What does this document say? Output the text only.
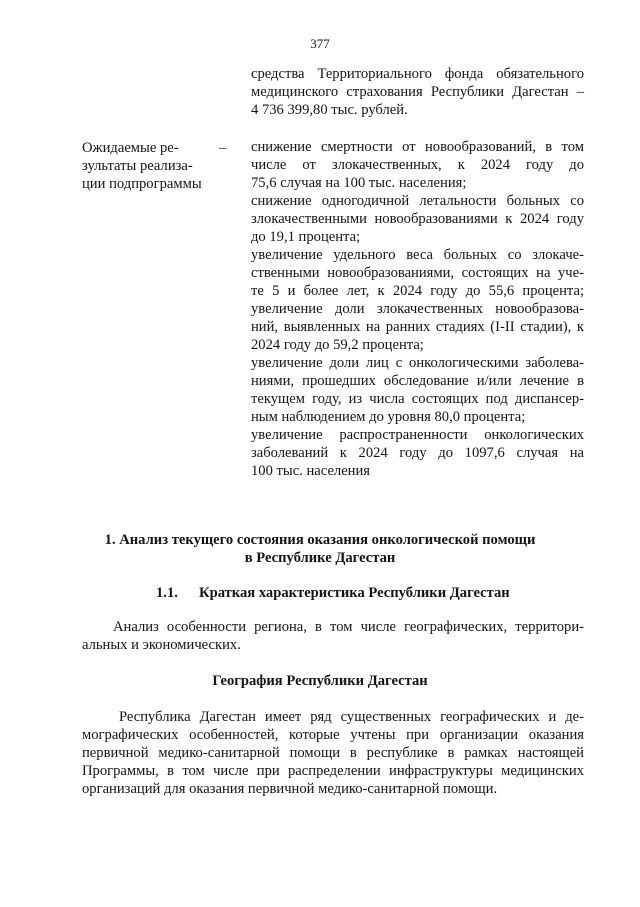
377
средства Территориального фонда обязательного
медицинского страхования Республики Дагестан –
4 736 399,80 тыс. рублей.
Ожидаемые ре-
зультаты реализа-
ции подпрограммы
– снижение смертности от новообразований, в том
числе от злокачественных, к 2024 году до
75,6 случая на 100 тыс. населения;
снижение одногодичной летальности больных со
злокачественными новообразованиями к 2024 году
до 19,1 процента;
увеличение удельного веса больных со злокаче-
ственными новообразованиями, состоящих на уче-
те 5 и более лет, к 2024 году до 55,6 процента;
увеличение доли злокачественных новообразова-
ний, выявленных на ранних стадиях (I-II стадии), к
2024 году до 59,2 процента;
увеличение доли лиц с онкологическими заболева-
ниями, прошедших обследование и/или лечение в
текущем году, из числа состоящих под диспансер-
ным наблюдением до уровня 80,0 процента;
увеличение распространенности онкологических
заболеваний к 2024 году до 1097,6 случая на
100 тыс. населения
1. Анализ текущего состояния оказания онкологической помощи
в Республике Дагестан
1.1. Краткая характеристика Республики Дагестан
Анализ особенности региона, в том числе географических, территори-
альных и экономических.
География Республики Дагестан
Республика Дагестан имеет ряд существенных географических и де-
мографических особенностей, которые учтены при организации оказания
первичной медико-санитарной помощи в республике в рамках настоящей
Программы, в том числе при распределении инфраструктуры медицинских
организаций для оказания первичной медико-санитарной помощи.
